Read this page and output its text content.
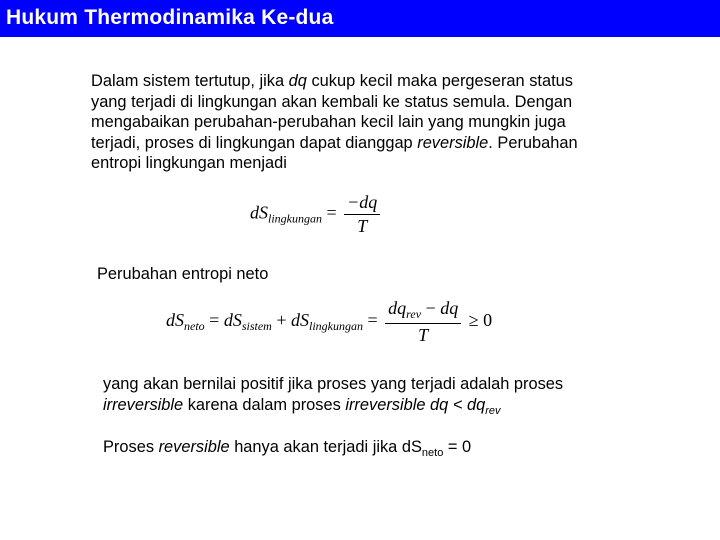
Hukum Thermodinamika Ke-dua
Dalam sistem tertutup, jika dq cukup kecil maka pergeseran status
yang terjadi di lingkungan akan kembali ke status semula. Dengan
mengabaikan perubahan-perubahan kecil lain yang mungkin juga
terjadi, proses di lingkungan dapat dianggap reversible. Perubahan
entropi lingkungan menjadi
$dS_{lingkungan} = \frac{-dq}{T}$
Perubahan entropi neto
$dS_{neto} = dS_{sistem} + dS_{lingkungan} = \frac{dq_{rev} - dq}{T} \ge 0$
yang akan bernilai positif jika proses yang terjadi adalah proses
irreversible karena dalam proses irreversible dq < $dq_{rev}$
Proses reversible hanya akan terjadi jika $dS_{neto} = 0$
